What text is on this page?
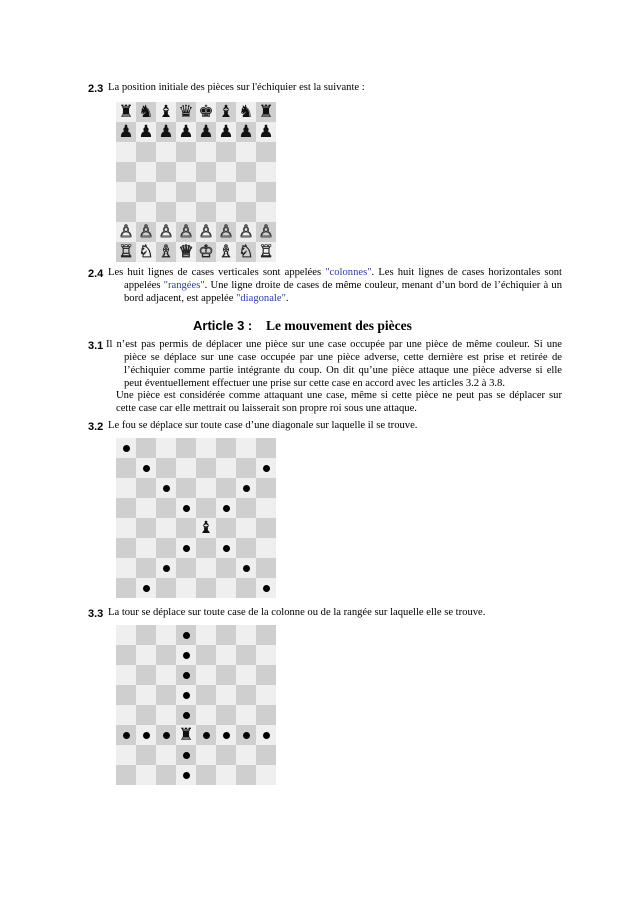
2.3 La position initiale des pièces sur l'échiquier est la suivante :
♜ ♞ ♝ ♛ ♚ ♝ ♞ ♜
♟ ♟ ♟ ♟ ♟ ♟ ♟ ♟
♙ ♙ ♙ ♙ ♙ ♙ ♙ ♙
♖ ♘ ♗ ♕ ♔ ♗ ♘ ♖
2.4 Les huit lignes de cases verticales sont appelées "colonnes". Les huit lignes de cases horizontales sont
appelées "rangées". Une ligne droite de cases de même couleur, menant d’un bord de l’échiquier à un
bord adjacent, est appelée "diagonale".
Article 3 : Le mouvement des pièces
3.1 Il n’est pas permis de déplacer une pièce sur une case occupée par une pièce de même couleur. Si une
pièce se déplace sur une case occupée par une pièce adverse, cette dernière est prise et retirée de
l’échiquier comme partie intégrante du coup. On dit qu’une pièce attaque une pièce adverse si elle
peut éventuellement effectuer une prise sur cette case en accord avec les articles 3.2 à 3.8.
Une pièce est considérée comme attaquant une case, même si cette pièce ne peut pas se déplacer sur
cette case car elle mettrait ou laisserait son propre roi sous une attaque.
3.2 Le fou se déplace sur toute case d’une diagonale sur laquelle il se trouve.
♝
3.3 La tour se déplace sur toute case de la colonne ou de la rangée sur laquelle elle se trouve.
♜
